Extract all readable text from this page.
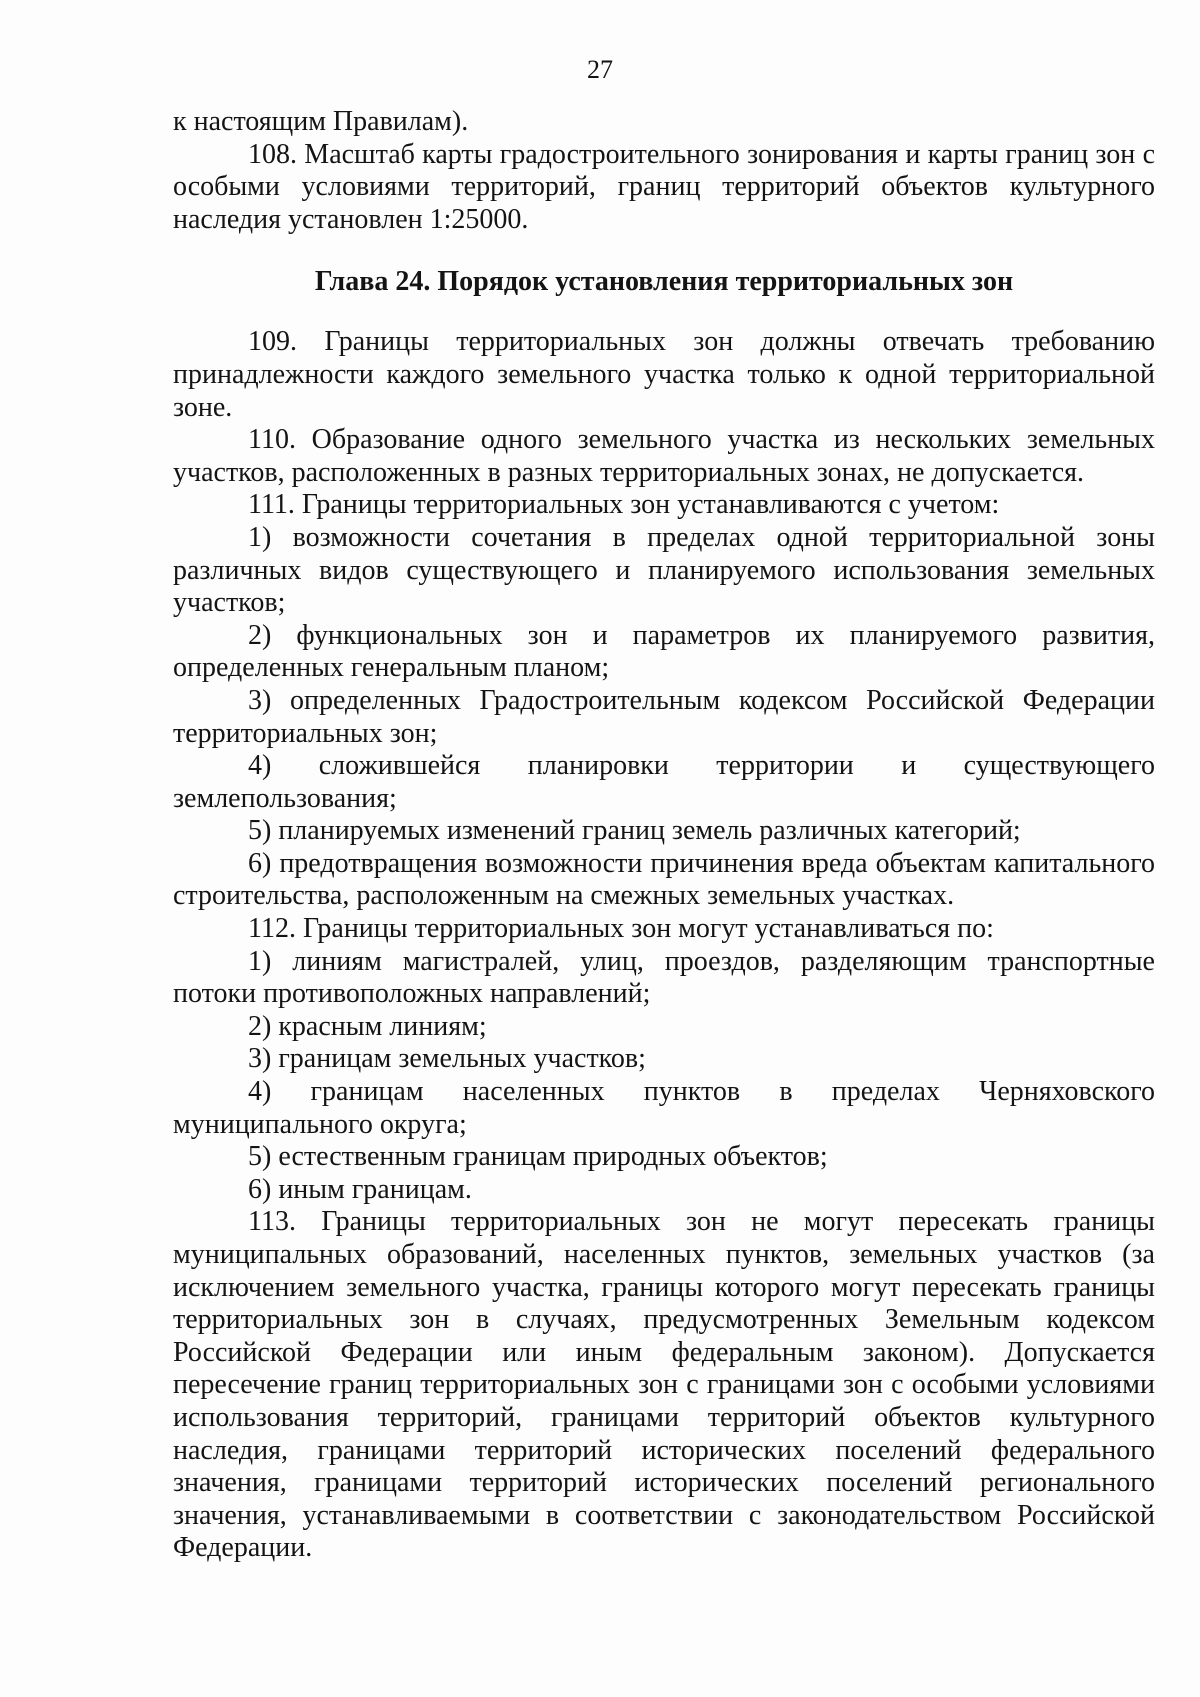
27

к настоящим Правилам).

108. Масштаб карты градостроительного зонирования и карты границ зон с особыми условиями территорий, границ территорий объектов культурного наследия установлен 1:25000.

Глава 24. Порядок установления территориальных зон

109. Границы территориальных зон должны отвечать требованию принадлежности каждого земельного участка только к одной территориальной зоне.

110. Образование одного земельного участка из нескольких земельных участков, расположенных в разных территориальных зонах, не допускается.

111. Границы территориальных зон устанавливаются с учетом:

1) возможности сочетания в пределах одной территориальной зоны различных видов существующего и планируемого использования земельных участков;

2) функциональных зон и параметров их планируемого развития, определенных генеральным планом;

3) определенных Градостроительным кодексом Российской Федерации территориальных зон;

4) сложившейся планировки территории и существующего землепользования;

5) планируемых изменений границ земель различных категорий;

6) предотвращения возможности причинения вреда объектам капитального строительства, расположенным на смежных земельных участках.

112. Границы территориальных зон могут устанавливаться по:

1) линиям магистралей, улиц, проездов, разделяющим транспортные потоки противоположных направлений;

2) красным линиям;

3) границам земельных участков;

4) границам населенных пунктов в пределах Черняховского муниципального округа;

5) естественным границам природных объектов;

6) иным границам.

113. Границы территориальных зон не могут пересекать границы муниципальных образований, населенных пунктов, земельных участков (за исключением земельного участка, границы которого могут пересекать границы территориальных зон в случаях, предусмотренных Земельным кодексом Российской Федерации или иным федеральным законом). Допускается пересечение границ территориальных зон с границами зон с особыми условиями использования территорий, границами территорий объектов культурного наследия, границами территорий исторических поселений федерального значения, границами территорий исторических поселений регионального значения, устанавливаемыми в соответствии с законодательством Российской Федерации.
